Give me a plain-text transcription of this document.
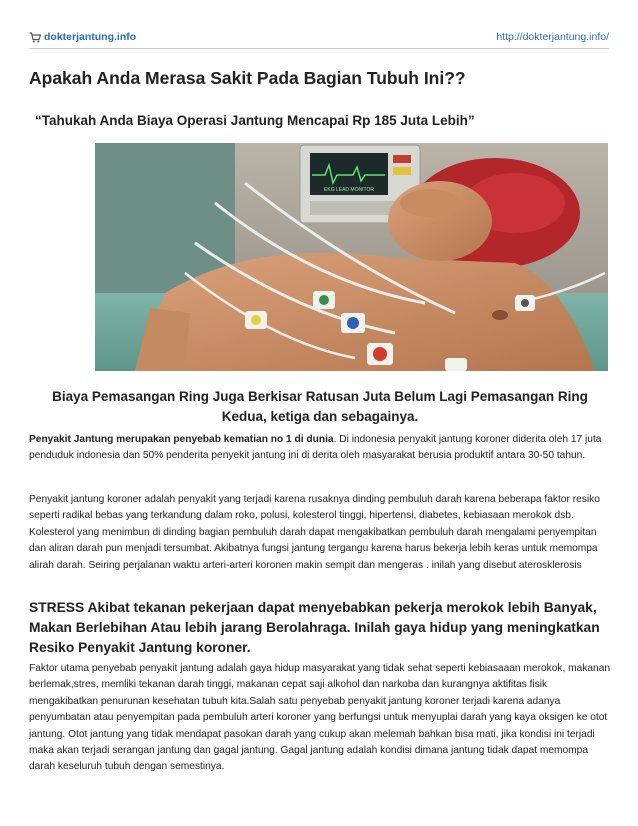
dokterjantung.info	http://dokterjantung.info/
Apakah Anda Merasa Sakit Pada Bagian Tubuh Ini??
“Tahukah Anda Biaya Operasi Jantung Mencapai Rp 185 Juta Lebih”
EKG LEAD MONITOR
Biaya Pemasangan Ring Juga Berkisar Ratusan Juta Belum Lagi Pemasangan Ring Kedua, ketiga dan sebagainya.
Penyakit Jantung merupakan penyebab kematian no 1 di dunia. Di indonesia penyakit jantung koroner diderita oleh 17 juta penduduk indonesia dan 50% penderita penyekit jantung ini di derita oleh masyarakat berusia produktif antara 30-50 tahun.
Penyakit jantung koroner adalah penyakit yang terjadi karena rusaknya dinding pembuluh darah karena beberapa faktor resiko seperti radikal bebas yang terkandung dalam roko, polusi, kolesterol tinggi, hipertensi, diabetes, kebiasaan merokok dsb. Kolesterol yang menimbun di dinding bagian pembuluh darah dapat mengakibatkan pembuluh darah mengalami penyempitan dan aliran darah pun menjadi tersumbat. Akibatnya fungsi jantung tergangu karena harus bekerja lebih keras untuk memompa alirah darah. Seiring perjalanan waktu arteri-arteri koronen makin sempit dan mengeras . inilah yang disebut aterosklerosis
STRESS Akibat tekanan pekerjaan dapat menyebabkan pekerja merokok lebih Banyak, Makan Berlebihan Atau lebih jarang Berolahraga. Inilah gaya hidup yang meningkatkan Resiko Penyakit Jantung koroner.
Faktor utama penyebab penyakit jantung adalah gaya hidup masyarakat yang tidak sehat seperti kebiasaaan merokok, makanan berlemak,stres, memliki tekanan darah tinggi, makanan cepat saji alkohol dan narkoba dan kurangnya aktifitas fisik mengakibatkan penurunan kesehatan tubuh kita.Salah satu penyebab penyakit jantung koroner terjadi karena adanya penyumbatan atau penyempitan pada pembuluh arteri koroner yang berfungsi untuk menyuplai darah yang kaya oksigen ke otot jantung. Otot jantung yang tidak mendapat pasokan darah yang cukup akan melemah bahkan bisa mati, jika kondisi ini terjadi maka akan terjadi serangan jantung dan gagal jantung. Gagal jantung adalah kondisi dimana jantung tidak dapat memompa darah keseluruh tubuh dengan semestinya.
